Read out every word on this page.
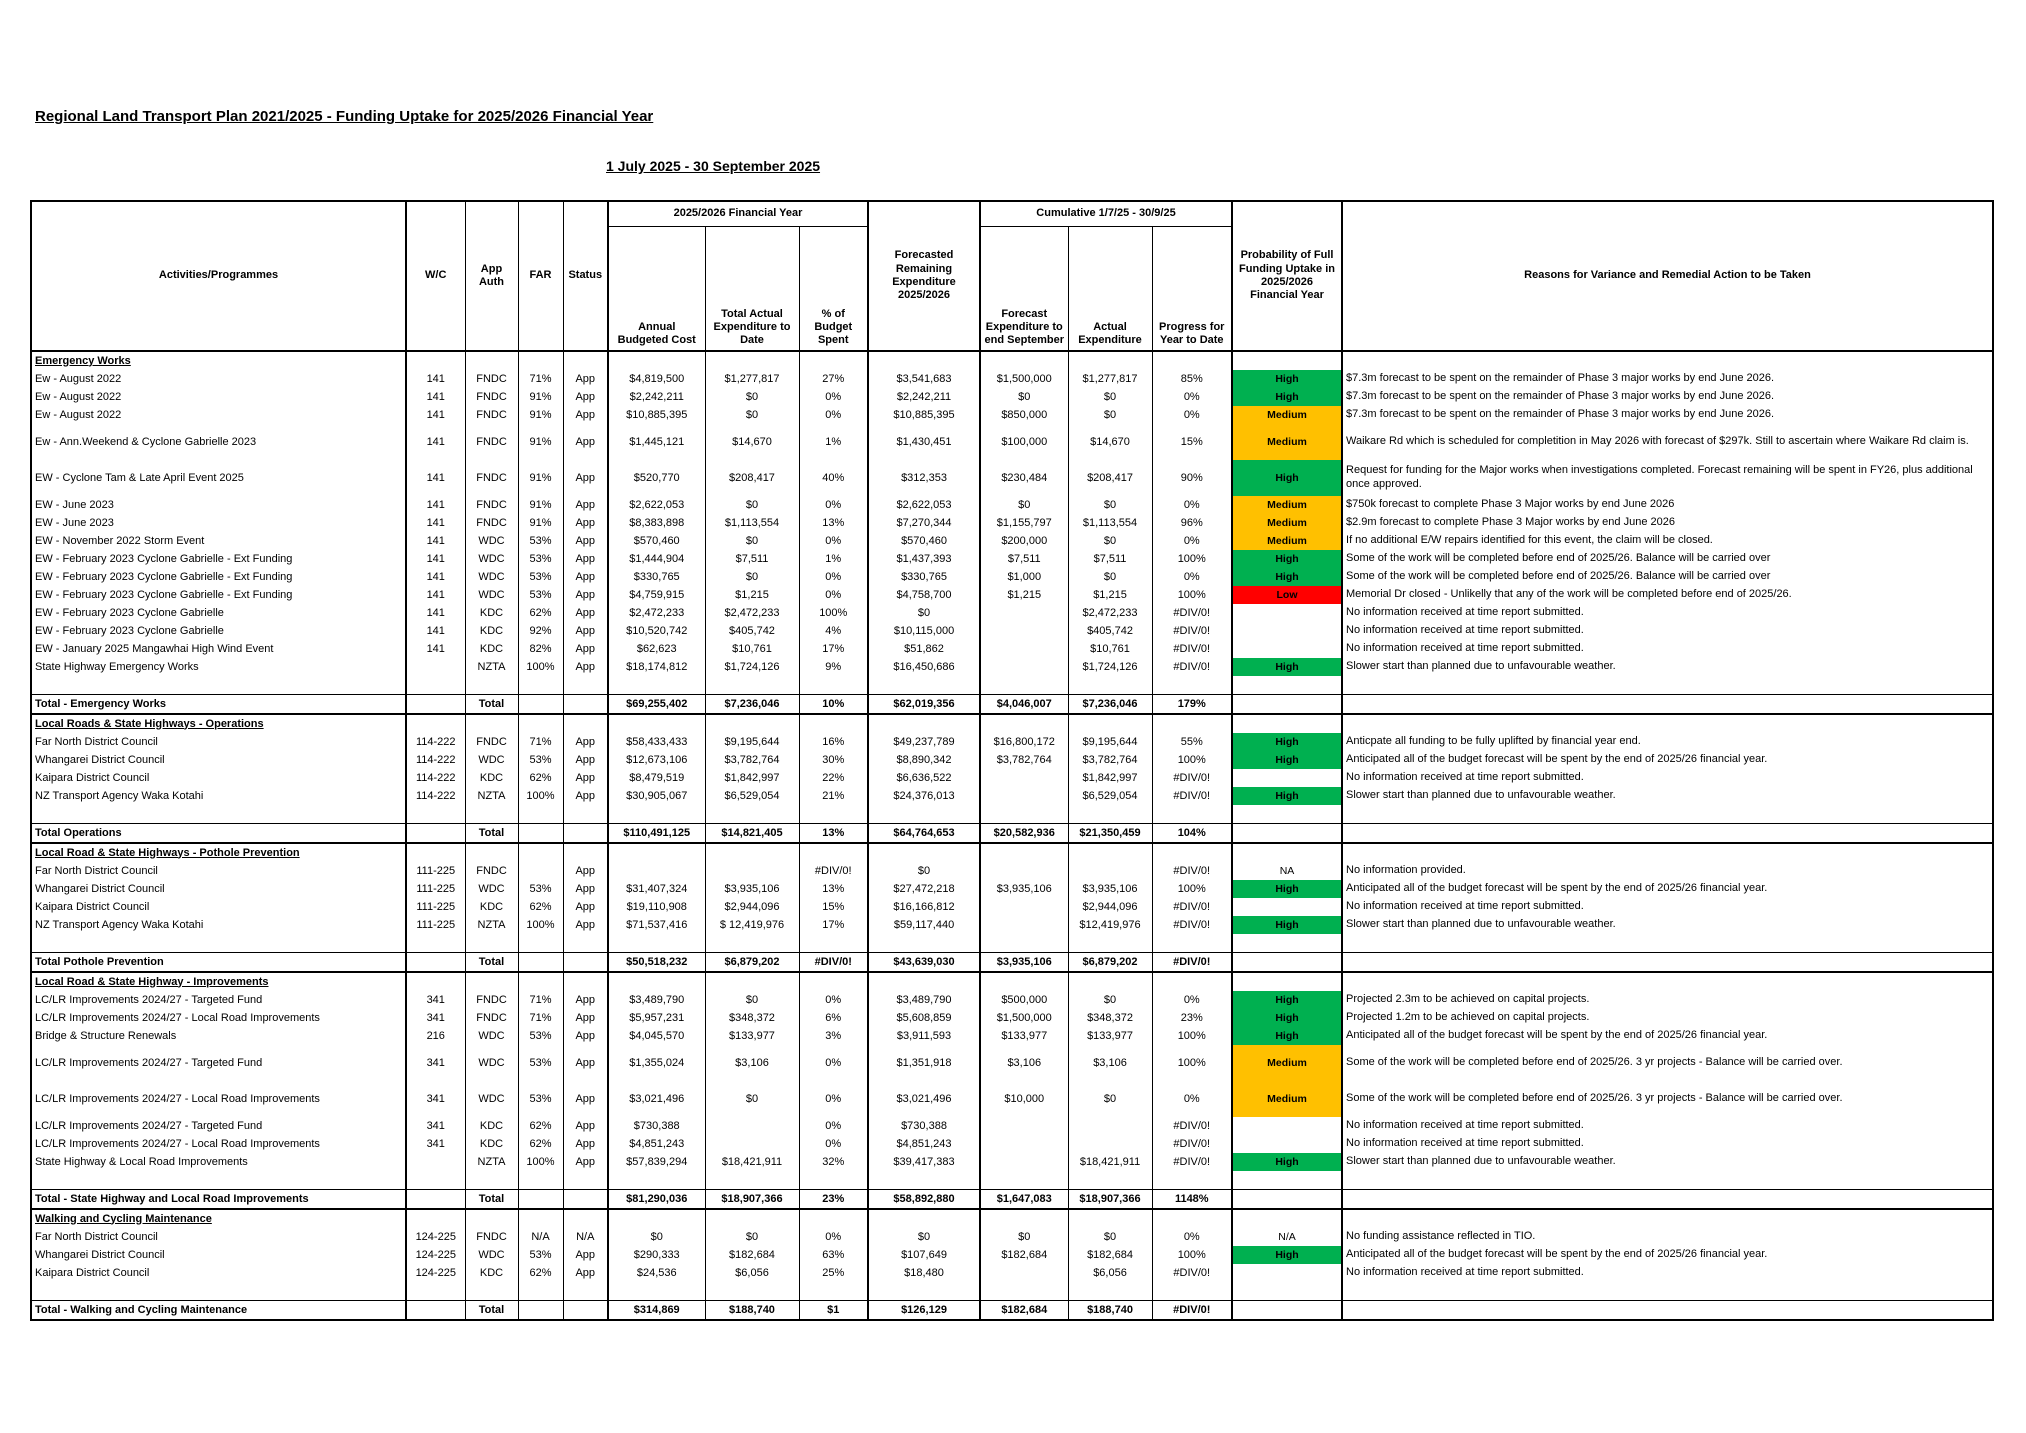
Regional Land Transport Plan 2021/2025 - Funding Uptake for 2025/2026 Financial Year
1 July 2025 - 30 September 2025
Activities/Programmes	W/C	App Auth	FAR	Status	2025/2026 Financial Year			Forecasted Remaining Expenditure 2025/2026	Cumulative 1/7/25 - 30/9/25			Probability of Full Funding Uptake in 2025/2026 Financial Year	Reasons for Variance and Remedial Action to be Taken
					Annual Budgeted Cost	Total Actual Expenditure to Date	% of Budget Spent		Forecast Expenditure to end September	Actual Expenditure	Progress for Year to Date		
Emergency Works													
Ew - August 2022	141	FNDC	71%	App	$4,819,500	$1,277,817	27%	$3,541,683	$1,500,000	$1,277,817	85%	High	$7.3m forecast to be spent on the remainder of Phase 3 major works by end June 2026.
Ew - August 2022	141	FNDC	91%	App	$2,242,211	$0	0%	$2,242,211	$0	$0	0%	High	$7.3m forecast to be spent on the remainder of Phase 3 major works by end June 2026.
Ew - August 2022	141	FNDC	91%	App	$10,885,395	$0	0%	$10,885,395	$850,000	$0	0%	Medium	$7.3m forecast to be spent on the remainder of Phase 3 major works by end June 2026.
Ew - Ann.Weekend & Cyclone Gabrielle 2023	141	FNDC	91%	App	$1,445,121	$14,670	1%	$1,430,451	$100,000	$14,670	15%	Medium	Waikare Rd which is scheduled for completition in May 2026 with forecast of $297k. Still to ascertain where Waikare Rd claim is.
EW - Cyclone Tam & Late April Event 2025	141	FNDC	91%	App	$520,770	$208,417	40%	$312,353	$230,484	$208,417	90%	High	Request for funding for the Major works when investigations completed. Forecast remaining will be spent in FY26, plus additional once approved.
EW - June 2023	141	FNDC	91%	App	$2,622,053	$0	0%	$2,622,053	$0	$0	0%	Medium	$750k forecast to complete Phase 3 Major works by end June 2026
EW - June 2023	141	FNDC	91%	App	$8,383,898	$1,113,554	13%	$7,270,344	$1,155,797	$1,113,554	96%	Medium	$2.9m forecast to complete Phase 3 Major works by end June 2026
EW - November 2022 Storm Event	141	WDC	53%	App	$570,460	$0	0%	$570,460	$200,000	$0	0%	Medium	If no additional E/W repairs identified for this event, the claim will be closed.
EW - February 2023 Cyclone Gabrielle - Ext Funding	141	WDC	53%	App	$1,444,904	$7,511	1%	$1,437,393	$7,511	$7,511	100%	High	Some of the work will be completed before end of 2025/26. Balance will be carried over
EW - February 2023 Cyclone Gabrielle - Ext Funding	141	WDC	53%	App	$330,765	$0	0%	$330,765	$1,000	$0	0%	High	Some of the work will be completed before end of 2025/26. Balance will be carried over
EW - February 2023 Cyclone Gabrielle - Ext Funding	141	WDC	53%	App	$4,759,915	$1,215	0%	$4,758,700	$1,215	$1,215	100%	Low	Memorial Dr closed - Unlikelly that any of the work will be completed before end of 2025/26.
EW - February 2023 Cyclone Gabrielle	141	KDC	62%	App	$2,472,233	$2,472,233	100%	$0		$2,472,233	#DIV/0!		No information received at time report submitted.
EW - February 2023 Cyclone Gabrielle	141	KDC	92%	App	$10,520,742	$405,742	4%	$10,115,000		$405,742	#DIV/0!		No information received at time report submitted.
EW - January 2025 Mangawhai High Wind Event	141	KDC	82%	App	$62,623	$10,761	17%	$51,862		$10,761	#DIV/0!		No information received at time report submitted.
State Highway Emergency Works		NZTA	100%	App	$18,174,812	$1,724,126	9%	$16,450,686		$1,724,126	#DIV/0!	High	Slower start than planned due to unfavourable weather.

Total - Emergency Works		Total			$69,255,402	$7,236,046	10%	$62,019,356	$4,046,007	$7,236,046	179%		
Local Roads & State Highways - Operations													
Far North District Council	114-222	FNDC	71%	App	$58,433,433	$9,195,644	16%	$49,237,789	$16,800,172	$9,195,644	55%	High	Anticpate all funding to be fully uplifted by financial year end.
Whangarei District Council	114-222	WDC	53%	App	$12,673,106	$3,782,764	30%	$8,890,342	$3,782,764	$3,782,764	100%	High	Anticipated all of the budget forecast will be spent by the end of 2025/26 financial year.
Kaipara District Council	114-222	KDC	62%	App	$8,479,519	$1,842,997	22%	$6,636,522		$1,842,997	#DIV/0!		No information received at time report submitted.
NZ Transport Agency Waka Kotahi	114-222	NZTA	100%	App	$30,905,067	$6,529,054	21%	$24,376,013		$6,529,054	#DIV/0!	High	Slower start than planned due to unfavourable weather.

Total Operations		Total			$110,491,125	$14,821,405	13%	$64,764,653	$20,582,936	$21,350,459	104%		
Local Road & State Highways - Pothole Prevention													
Far North District Council	111-225	FNDC		App			#DIV/0!	$0			#DIV/0!	NA	No information provided.
Whangarei District Council	111-225	WDC	53%	App	$31,407,324	$3,935,106	13%	$27,472,218	$3,935,106	$3,935,106	100%	High	Anticipated all of the budget forecast will be spent by the end of 2025/26 financial year.
Kaipara District Council	111-225	KDC	62%	App	$19,110,908	$2,944,096	15%	$16,166,812		$2,944,096	#DIV/0!		No information received at time report submitted.
NZ Transport Agency Waka Kotahi	111-225	NZTA	100%	App	$71,537,416	$ 12,419,976	17%	$59,117,440		$12,419,976	#DIV/0!	High	Slower start than planned due to unfavourable weather.

Total Pothole Prevention		Total			$50,518,232	$6,879,202	#DIV/0!	$43,639,030	$3,935,106	$6,879,202	#DIV/0!		
Local Road & State Highway - Improvements													
LC/LR Improvements 2024/27 - Targeted Fund	341	FNDC	71%	App	$3,489,790	$0	0%	$3,489,790	$500,000	$0	0%	High	Projected 2.3m to be achieved on capital projects.
LC/LR Improvements 2024/27 - Local Road Improvements	341	FNDC	71%	App	$5,957,231	$348,372	6%	$5,608,859	$1,500,000	$348,372	23%	High	Projected 1.2m to be achieved on capital projects.
Bridge & Structure Renewals	216	WDC	53%	App	$4,045,570	$133,977	3%	$3,911,593	$133,977	$133,977	100%	High	Anticipated all of the budget forecast will be spent by the end of 2025/26 financial year.
LC/LR Improvements 2024/27 - Targeted Fund	341	WDC	53%	App	$1,355,024	$3,106	0%	$1,351,918	$3,106	$3,106	100%	Medium	Some of the work will be completed before end of 2025/26. 3 yr projects - Balance will be carried over.
LC/LR Improvements 2024/27 - Local Road Improvements	341	WDC	53%	App	$3,021,496	$0	0%	$3,021,496	$10,000	$0	0%	Medium	Some of the work will be completed before end of 2025/26. 3 yr projects - Balance will be carried over.
LC/LR Improvements 2024/27 - Targeted Fund	341	KDC	62%	App	$730,388		0%	$730,388			#DIV/0!		No information received at time report submitted.
LC/LR Improvements 2024/27 - Local Road Improvements	341	KDC	62%	App	$4,851,243		0%	$4,851,243			#DIV/0!		No information received at time report submitted.
State Highway & Local Road Improvements		NZTA	100%	App	$57,839,294	$18,421,911	32%	$39,417,383		$18,421,911	#DIV/0!	High	Slower start than planned due to unfavourable weather.

Total - State Highway and Local Road Improvements		Total			$81,290,036	$18,907,366	23%	$58,892,880	$1,647,083	$18,907,366	1148%		
Walking and Cycling Maintenance													
Far North District Council	124-225	FNDC	N/A	N/A	$0	$0	0%	$0	$0	$0	0%	N/A	No funding assistance reflected in TIO.
Whangarei District Council	124-225	WDC	53%	App	$290,333	$182,684	63%	$107,649	$182,684	$182,684	100%	High	Anticipated all of the budget forecast will be spent by the end of 2025/26 financial year.
Kaipara District Council	124-225	KDC	62%	App	$24,536	$6,056	25%	$18,480		$6,056	#DIV/0!		No information received at time report submitted.

Total - Walking and Cycling Maintenance		Total			$314,869	$188,740	$1	$126,129	$182,684	$188,740	#DIV/0!		
